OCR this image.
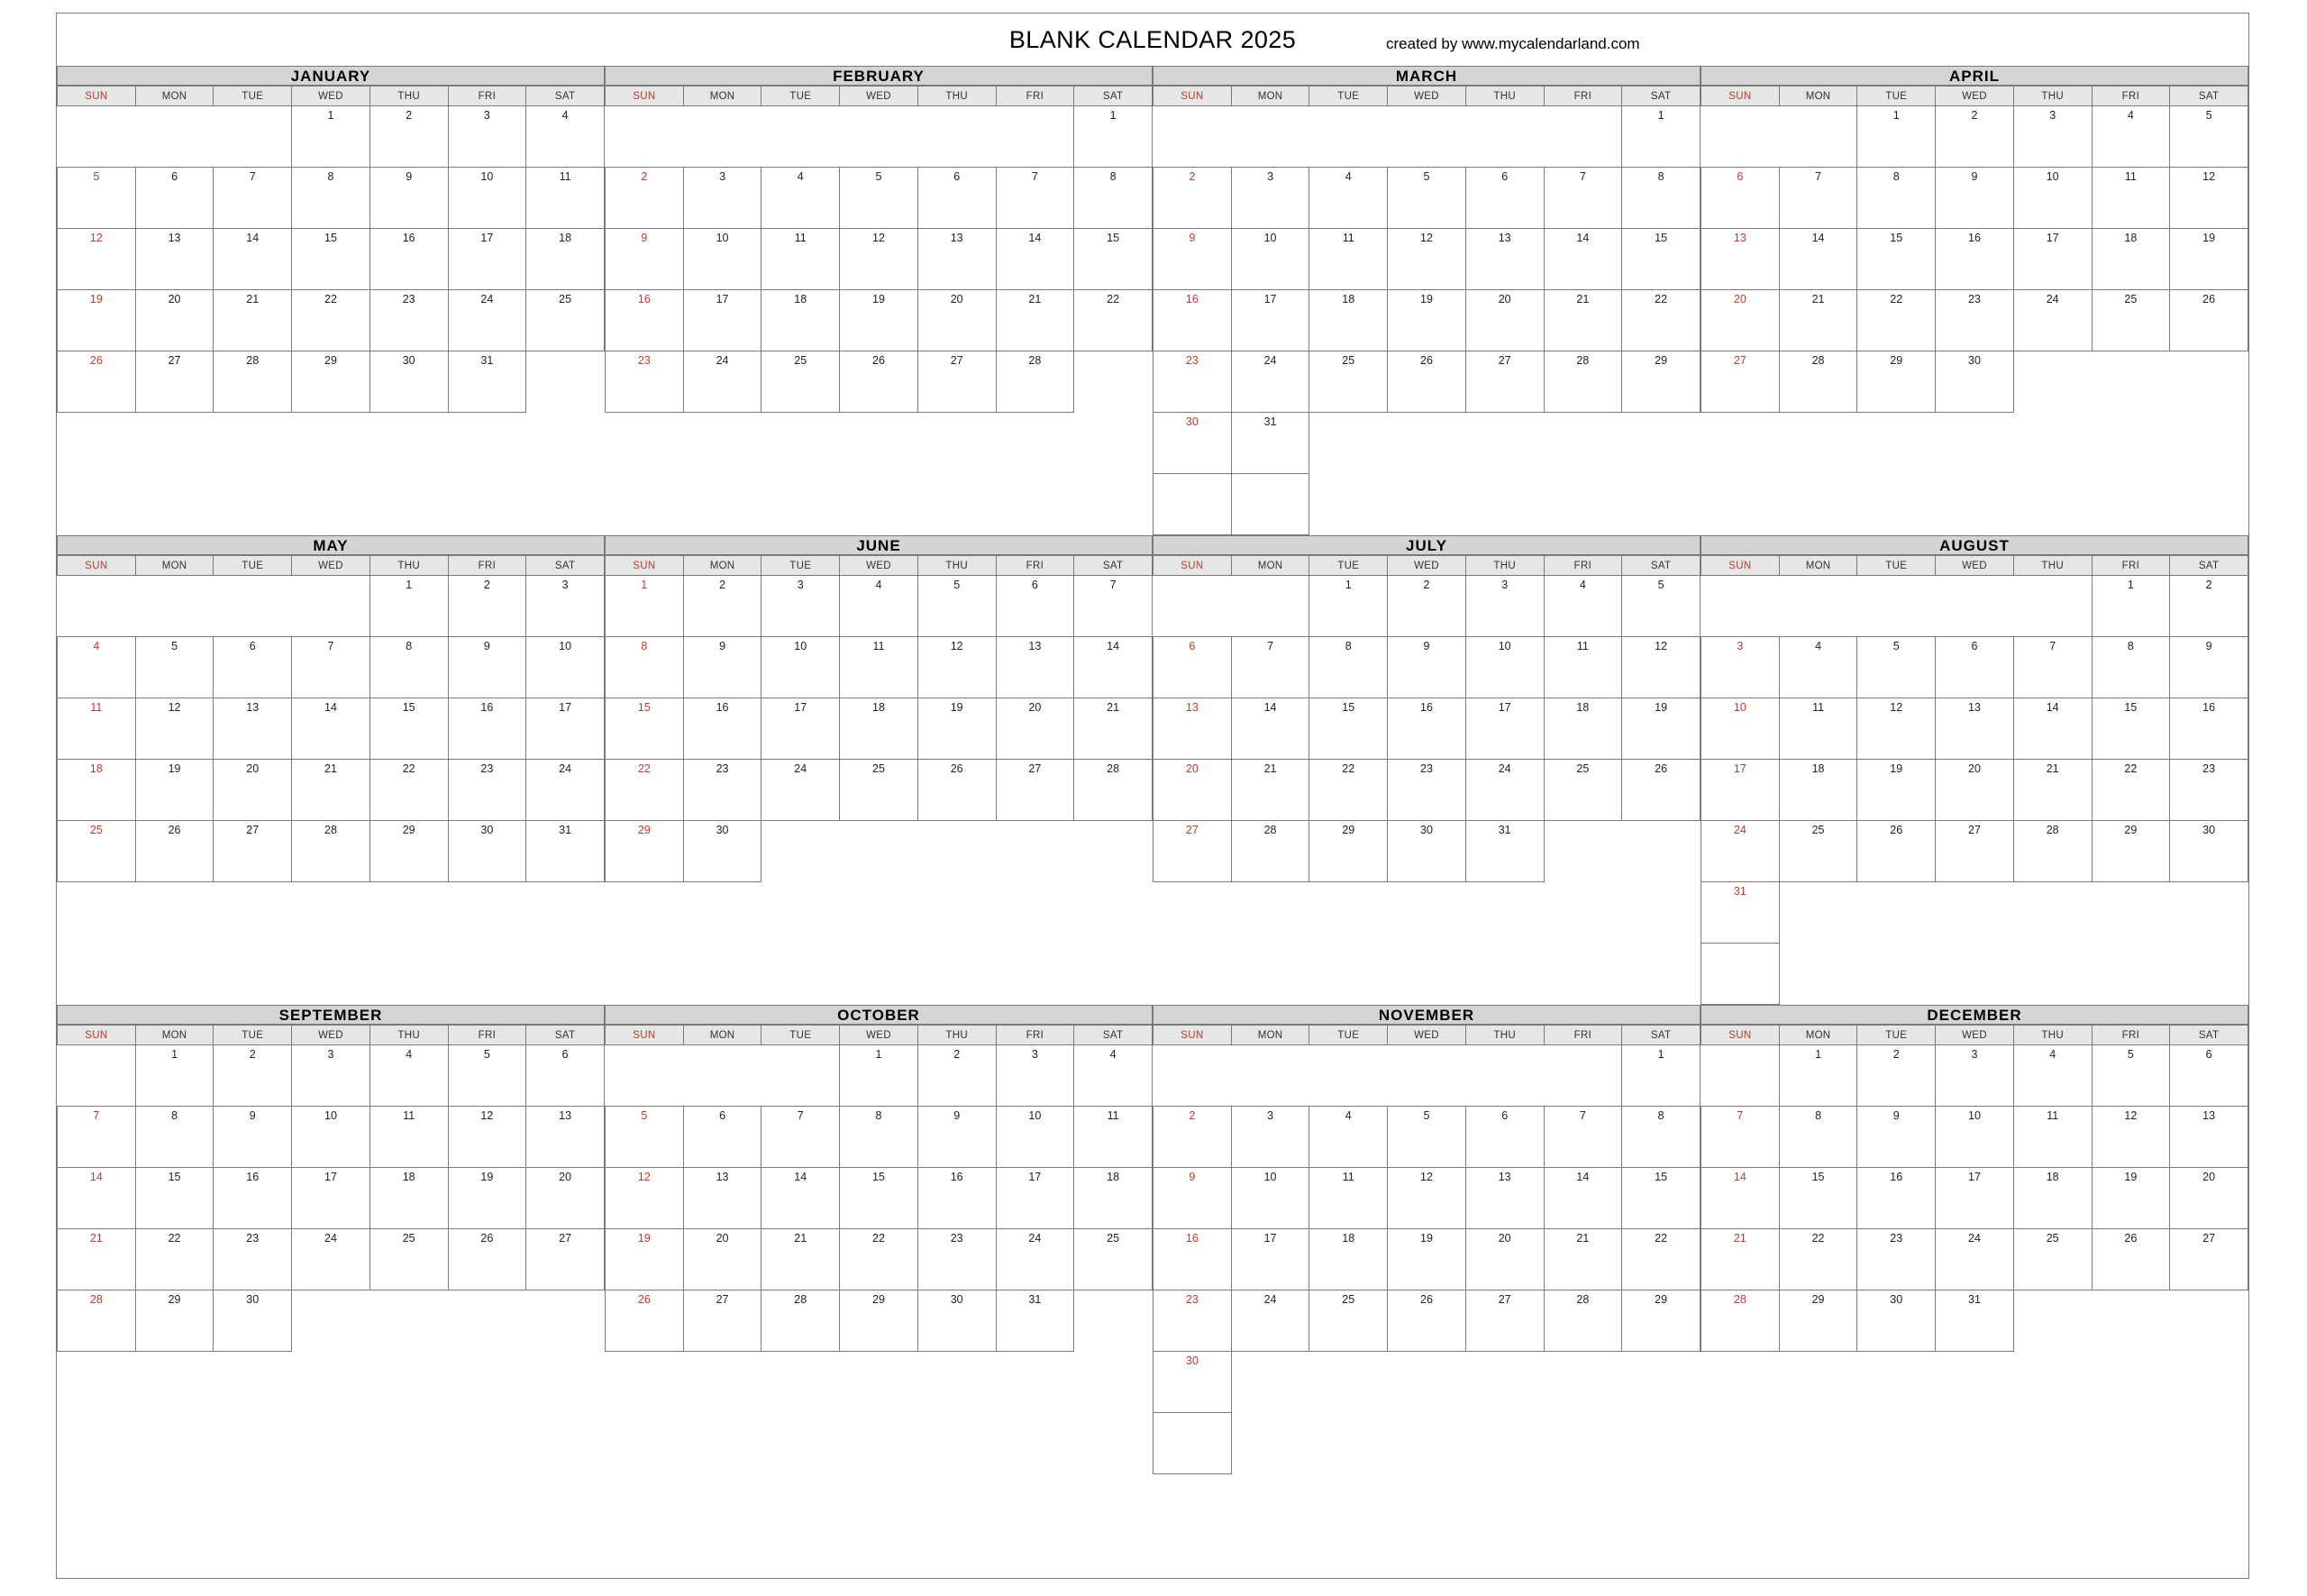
BLANK CALENDAR 2025	created by www.mycalendarland.com
JANUARY
SUN	MON	TUE	WED	THU	FRI	SAT
			1	2	3	4
5	6	7	8	9	10	11
12	13	14	15	16	17	18
19	20	21	22	23	24	25
26	27	28	29	30	31	

FEBRUARY
SUN	MON	TUE	WED	THU	FRI	SAT
						1
2	3	4	5	6	7	8
9	10	11	12	13	14	15
16	17	18	19	20	21	22
23	24	25	26	27	28	

MARCH
SUN	MON	TUE	WED	THU	FRI	SAT
						1
2	3	4	5	6	7	8
9	10	11	12	13	14	15
16	17	18	19	20	21	22
23	24	25	26	27	28	29
30	31					

APRIL
SUN	MON	TUE	WED	THU	FRI	SAT
		1	2	3	4	5
6	7	8	9	10	11	12
13	14	15	16	17	18	19
20	21	22	23	24	25	26
27	28	29	30			

MAY
SUN	MON	TUE	WED	THU	FRI	SAT
				1	2	3
4	5	6	7	8	9	10
11	12	13	14	15	16	17
18	19	20	21	22	23	24
25	26	27	28	29	30	31

JUNE
SUN	MON	TUE	WED	THU	FRI	SAT
1	2	3	4	5	6	7
8	9	10	11	12	13	14
15	16	17	18	19	20	21
22	23	24	25	26	27	28
29	30					

JULY
SUN	MON	TUE	WED	THU	FRI	SAT
		1	2	3	4	5
6	7	8	9	10	11	12
13	14	15	16	17	18	19
20	21	22	23	24	25	26
27	28	29	30	31		

AUGUST
SUN	MON	TUE	WED	THU	FRI	SAT
					1	2
3	4	5	6	7	8	9
10	11	12	13	14	15	16
17	18	19	20	21	22	23
24	25	26	27	28	29	30
31						

SEPTEMBER
SUN	MON	TUE	WED	THU	FRI	SAT
	1	2	3	4	5	6
7	8	9	10	11	12	13
14	15	16	17	18	19	20
21	22	23	24	25	26	27
28	29	30				

OCTOBER
SUN	MON	TUE	WED	THU	FRI	SAT
			1	2	3	4
5	6	7	8	9	10	11
12	13	14	15	16	17	18
19	20	21	22	23	24	25
26	27	28	29	30	31	

NOVEMBER
SUN	MON	TUE	WED	THU	FRI	SAT
						1
2	3	4	5	6	7	8
9	10	11	12	13	14	15
16	17	18	19	20	21	22
23	24	25	26	27	28	29
30						

DECEMBER
SUN	MON	TUE	WED	THU	FRI	SAT
	1	2	3	4	5	6
7	8	9	10	11	12	13
14	15	16	17	18	19	20
21	22	23	24	25	26	27
28	29	30	31			
